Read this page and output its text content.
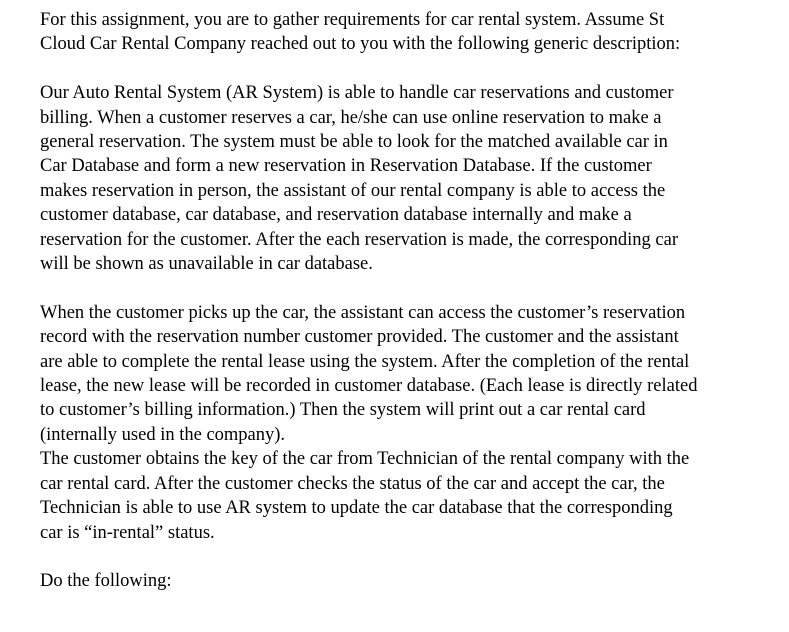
For this assignment, you are to gather requirements for car rental system. Assume St
Cloud Car Rental Company reached out to you with the following generic description:
Our Auto Rental System (AR System) is able to handle car reservations and customer
billing. When a customer reserves a car, he/she can use online reservation to make a
general reservation. The system must be able to look for the matched available car in
Car Database and form a new reservation in Reservation Database. If the customer
makes reservation in person, the assistant of our rental company is able to access the
customer database, car database, and reservation database internally and make a
reservation for the customer. After the each reservation is made, the corresponding car
will be shown as unavailable in car database.
When the customer picks up the car, the assistant can access the customer’s reservation
record with the reservation number customer provided. The customer and the assistant
are able to complete the rental lease using the system. After the completion of the rental
lease, the new lease will be recorded in customer database. (Each lease is directly related
to customer’s billing information.) Then the system will print out a car rental card
(internally used in the company).
The customer obtains the key of the car from Technician of the rental company with the
car rental card. After the customer checks the status of the car and accept the car, the
Technician is able to use AR system to update the car database that the corresponding
car is “in-rental” status.
Do the following:
